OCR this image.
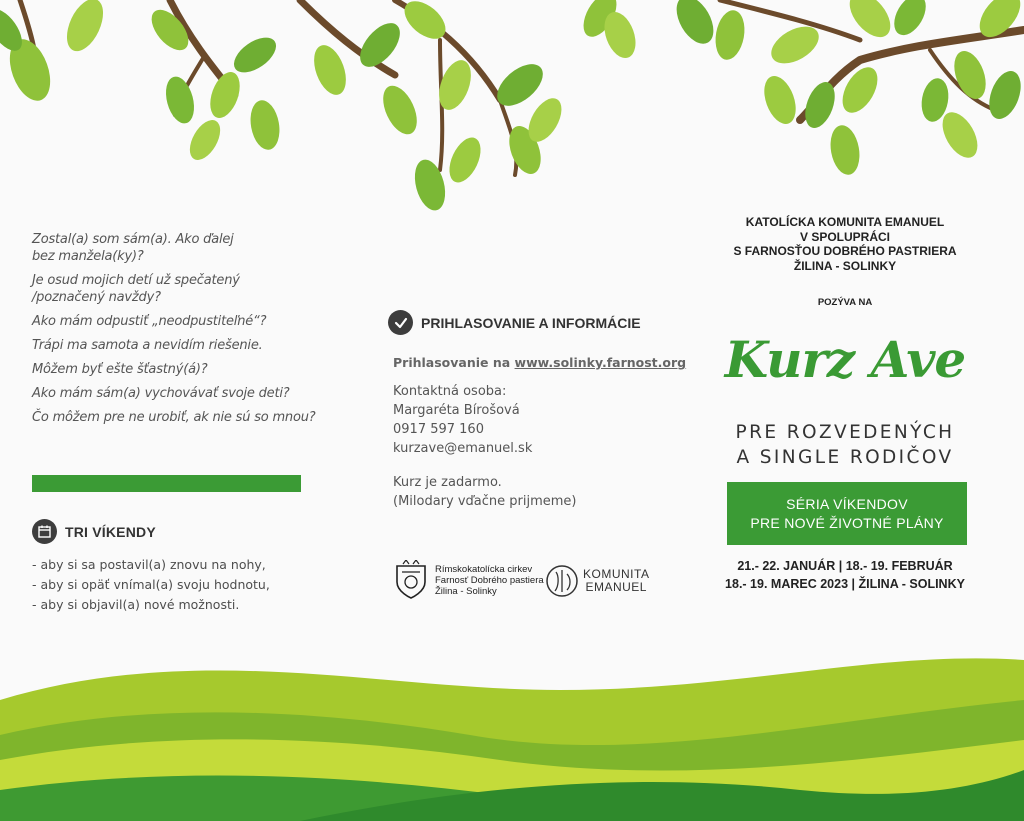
Zostal(a) som sám(a). Ako ďalej
bez manžela(ky)?

Je osud mojich detí už spečatený
/poznačený navždy?

Ako mám odpustiť „neodpustiteľné“?

Trápi ma samota a nevidím riešenie.

Môžem byť ešte šťastný(á)?

Ako mám sám(a) vychovávať svoje deti?

Čo môžem pre ne urobiť, ak nie sú so mnou?

TRI VÍKENDY
- aby si sa postavil(a) znovu na nohy,
- aby si opäť vnímal(a) svoju hodnotu,
- aby si objavil(a) nové možnosti.
PRIHLASOVANIE A INFORMÁCIE
Prihlasovanie na www.solinky.farnost.org
Kontaktná osoba:
Margaréta Bírošová
0917 597 160
kurzave@emanuel.sk
Kurz je zadarmo.
(Milodary vďačne prijmeme)
Rímskokatolícka cirkev
Farnosť Dobrého pastiera
Žilina - Solinky
KOMUNITA
EMANUEL
KATOLÍCKA KOMUNITA EMANUEL
V SPOLUPRÁCI
S FARNOSŤOU DOBRÉHO PASTRIERA
ŽILINA - SOLINKY
POZÝVA NA
Kurz Ave
PRE ROZVEDENÝCH
A SINGLE RODIČOV
SÉRIA VÍKENDOV
PRE NOVÉ ŽIVOTNÉ PLÁNY
21.- 22. JANUÁR | 18.- 19. FEBRUÁR
18.- 19. MAREC 2023 | ŽILINA - SOLINKY
